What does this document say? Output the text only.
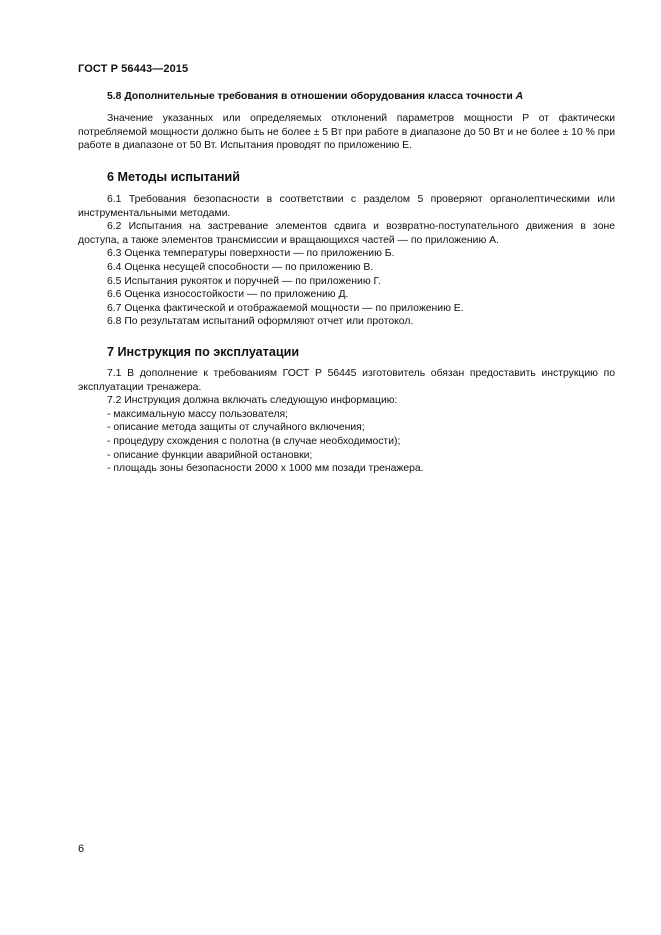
ГОСТ Р 56443—2015
5.8 Дополнительные требования в отношении оборудования класса точности А

Значение указанных или определяемых отклонений параметров мощности P от фактически потребляемой мощности должно быть не более ± 5 Вт при работе в диапазоне до 50 Вт и не более ± 10 % при работе в диапазоне от 50 Вт. Испытания проводят по приложению Е.

6 Методы испытаний

6.1 Требования безопасности в соответствии с разделом 5 проверяют органолептическими или инструментальными методами.

6.2 Испытания на застревание элементов сдвига и возвратно-поступательного движения в зоне доступа, а также элементов трансмиссии и вращающихся частей — по приложению А.

6.3 Оценка температуры поверхности — по приложению Б.

6.4 Оценка несущей способности — по приложению В.

6.5 Испытания рукояток и поручней — по приложению Г.

6.6 Оценка износостойкости — по приложению Д.

6.7 Оценка фактической и отображаемой мощности — по приложению Е.

6.8 По результатам испытаний оформляют отчет или протокол.

7 Инструкция по эксплуатации

7.1 В дополнение к требованиям ГОСТ Р 56445 изготовитель обязан предоставить инструкцию по эксплуатации тренажера.

7.2 Инструкция должна включать следующую информацию:

- максимальную массу пользователя;

- описание метода защиты от случайного включения;

- процедуру схождения с полотна (в случае необходимости);

- описание функции аварийной остановки;

- площадь зоны безопасности 2000 х 1000 мм позади тренажера.

6
